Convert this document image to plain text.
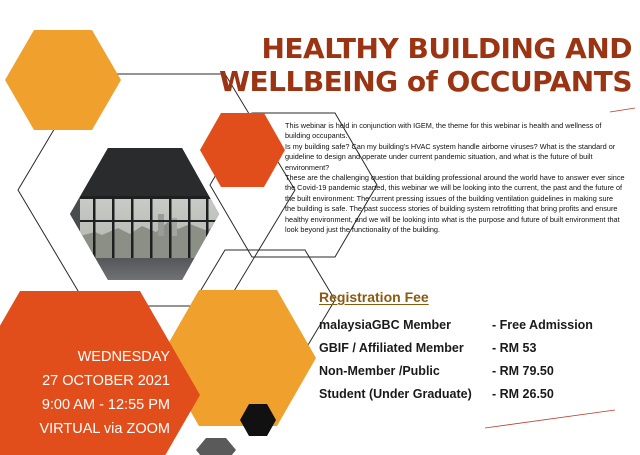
HEALTHY BUILDING AND
WELLBEING of OCCUPANTS

This webinar is held in conjunction with IGEM, the theme for this webinar is health and wellness of building occupants.

Is my building safe? Can my building's HVAC system handle airborne viruses? What is the standard or guideline to design and operate under current pandemic situation, and what is the future of built environment?

These are the challenging question that building professional around the world have to answer ever since the Covid-19 pandemic started, this webinar we will be looking into the current, the past and the future of the built environment: The current pressing issues of the building ventilation guidelines in making sure the building is safe. The past success stories of building system retrofitting that bring profits and ensure healthy environment, and we will be looking into what is the purpose and future of built environment that look beyond just the functionality of the building.

Registration Fee
malaysiaGBC Member	- Free Admission
GBIF / Affiliated Member - RM 53
Non-Member /Public	- RM 79.50
Student (Under Graduate) - RM 26.50
WEDNESDAY
27 OCTOBER 2021
9:00 AM - 12:55 PM
VIRTUAL via ZOOM
